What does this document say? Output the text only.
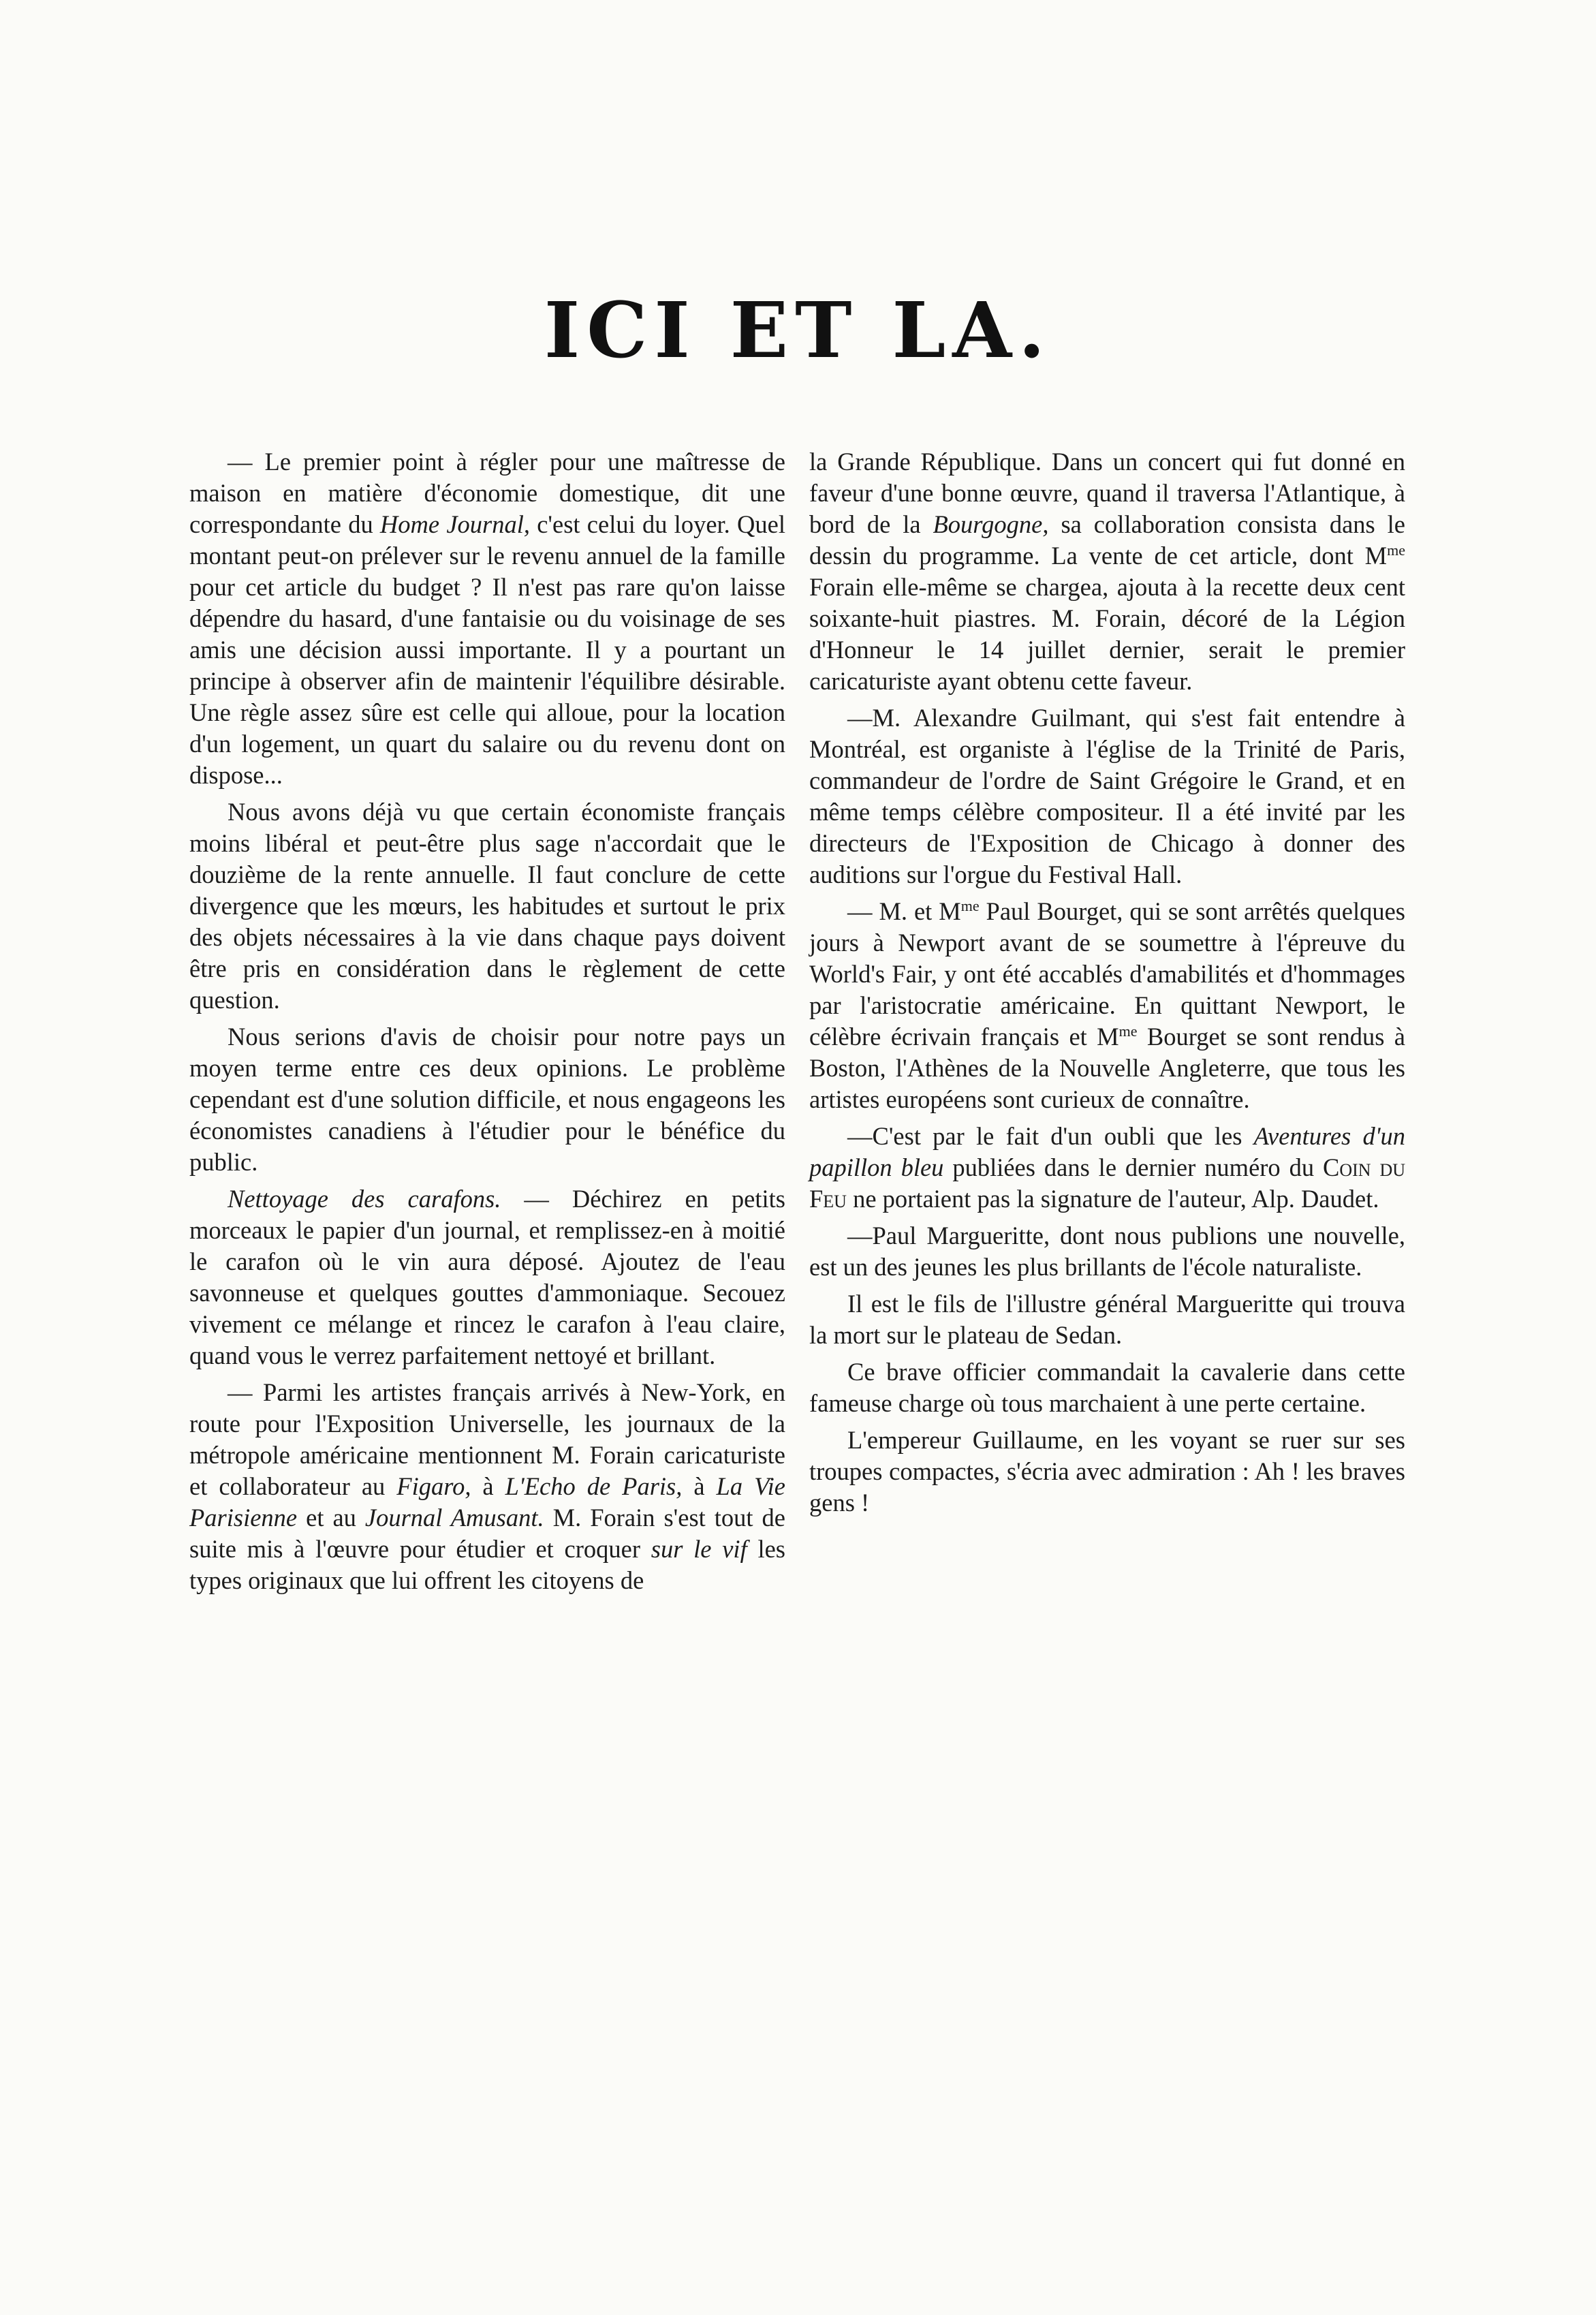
ICI ET LA.

— Le premier point à régler pour une maîtresse de maison en matière d'économie domestique, dit une correspondante du Home Journal, c'est celui du loyer. Quel montant peut-on prélever sur le revenu annuel de la famille pour cet article du budget ? Il n'est pas rare qu'on laisse dépendre du hasard, d'une fantaisie ou du voisinage de ses amis une décision aussi importante. Il y a pourtant un principe à observer afin de maintenir l'équilibre désirable. Une règle assez sûre est celle qui alloue, pour la location d'un logement, un quart du salaire ou du revenu dont on dispose...

Nous avons déjà vu que certain économiste français moins libéral et peut-être plus sage n'accordait que le douzième de la rente annuelle. Il faut conclure de cette divergence que les mœurs, les habitudes et surtout le prix des objets nécessaires à la vie dans chaque pays doivent être pris en considération dans le règlement de cette question.

Nous serions d'avis de choisir pour notre pays un moyen terme entre ces deux opinions. Le problème cependant est d'une solution difficile, et nous engageons les économistes canadiens à l'étudier pour le bénéfice du public.

Nettoyage des carafons. — Déchirez en petits morceaux le papier d'un journal, et remplissez-en à moitié le carafon où le vin aura déposé. Ajoutez de l'eau savonneuse et quelques gouttes d'ammoniaque. Secouez vivement ce mélange et rincez le carafon à l'eau claire, quand vous le verrez parfaitement nettoyé et brillant.

— Parmi les artistes français arrivés à New-York, en route pour l'Exposition Universelle, les journaux de la métropole américaine mentionnent M. Forain caricaturiste et collaborateur au Figaro, à L'Echo de Paris, à La Vie Parisienne et au Journal Amusant. M. Forain s'est tout de suite mis à l'œuvre pour étudier et croquer sur le vif les types originaux que lui offrent les citoyens de

la Grande République. Dans un concert qui fut donné en faveur d'une bonne œuvre, quand il traversa l'Atlantique, à bord de la Bourgogne, sa collaboration consista dans le dessin du programme. La vente de cet article, dont $M^{me}$ Forain elle-même se chargea, ajouta à la recette deux cent soixante-huit piastres. M. Forain, décoré de la Légion d'Honneur le 14 juillet dernier, serait le premier caricaturiste ayant obtenu cette faveur.

—M. Alexandre Guilmant, qui s'est fait entendre à Montréal, est organiste à l'église de la Trinité de Paris, commandeur de l'ordre de Saint Grégoire le Grand, et en même temps célèbre compositeur. Il a été invité par les directeurs de l'Exposition de Chicago à donner des auditions sur l'orgue du Festival Hall.

— M. et $M^{me}$ Paul Bourget, qui se sont arrêtés quelques jours à Newport avant de se soumettre à l'épreuve du World's Fair, y ont été accablés d'amabilités et d'hommages par l'aristocratie américaine. En quittant Newport, le célèbre écrivain français et $M^{me}$ Bourget se sont rendus à Boston, l'Athènes de la Nouvelle Angleterre, que tous les artistes européens sont curieux de connaître.

—C'est par le fait d'un oubli que les Aventures d'un papillon bleu publiées dans le dernier numéro du Coin du Feu ne portaient pas la signature de l'auteur, Alp. Daudet.

—Paul Margueritte, dont nous publions une nouvelle, est un des jeunes les plus brillants de l'école naturaliste.

Il est le fils de l'illustre général Margueritte qui trouva la mort sur le plateau de Sedan.

Ce brave officier commandait la cavalerie dans cette fameuse charge où tous marchaient à une perte certaine.

L'empereur Guillaume, en les voyant se ruer sur ses troupes compactes, s'écria avec admiration : Ah ! les braves gens !
